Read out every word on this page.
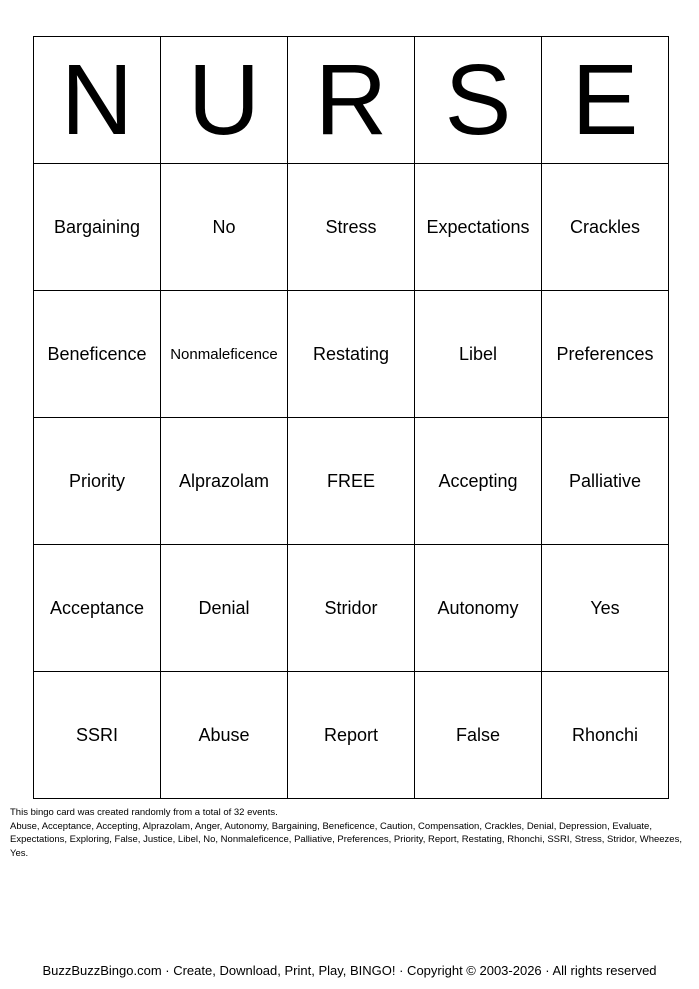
N	U	R	S	E
Bargaining	No	Stress	Expectations	Crackles
Beneficence	Nonmaleficence	Restating	Libel	Preferences
Priority	Alprazolam	FREE	Accepting	Palliative
Acceptance	Denial	Stridor	Autonomy	Yes
SSRI	Abuse	Report	False	Rhonchi

This bingo card was created randomly from a total of 32 events.

Abuse, Acceptance, Accepting, Alprazolam, Anger, Autonomy, Bargaining, Beneficence, Caution, Compensation, Crackles, Denial, Depression, Evaluate, Expectations, Exploring, False, Justice, Libel, No, Nonmaleficence, Palliative, Preferences, Priority, Report, Restating, Rhonchi, SSRI, Stress, Stridor, Wheezes, Yes.

BuzzBuzzBingo.com · Create, Download, Print, Play, BINGO! · Copyright © 2003-2026 · All rights reserved
